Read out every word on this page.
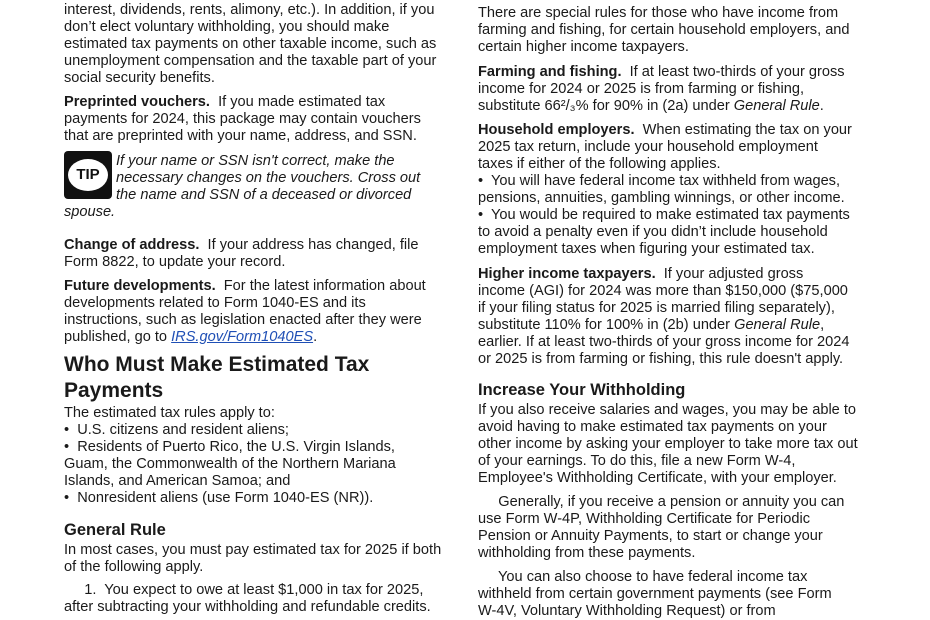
interest, dividends, rents, alimony, etc.). In addition, if you
don’t elect voluntary withholding, you should make
estimated tax payments on other taxable income, such as
unemployment compensation and the taxable part of your
social security benefits.
Preprinted vouchers.  If you made estimated tax
payments for 2024, this package may contain vouchers
that are preprinted with your name, address, and SSN.
TIP
If your name or SSN isn't correct, make the
necessary changes on the vouchers. Cross out
the name and SSN of a deceased or divorced
spouse.
Change of address.  If your address has changed, file
Form 8822, to update your record.
Future developments.  For the latest information about
developments related to Form 1040-ES and its
instructions, such as legislation enacted after they were
published, go to IRS.gov/Form1040ES.
Who Must Make Estimated Tax
Payments
The estimated tax rules apply to:
•  U.S. citizens and resident aliens;
•  Residents of Puerto Rico, the U.S. Virgin Islands,
Guam, the Commonwealth of the Northern Mariana
Islands, and American Samoa; and
•  Nonresident aliens (use Form 1040-ES (NR)).
General Rule
In most cases, you must pay estimated tax for 2025 if both
of the following apply.
1.  You expect to owe at least $1,000 in tax for 2025,
after subtracting your withholding and refundable credits.
There are special rules for those who have income from
farming and fishing, for certain household employers, and
certain higher income taxpayers.
Farming and fishing.  If at least two-thirds of your gross
income for 2024 or 2025 is from farming or fishing,
substitute 66²/₃% for 90% in (2a) under General Rule.
Household employers.  When estimating the tax on your
2025 tax return, include your household employment
taxes if either of the following applies.
•  You will have federal income tax withheld from wages,
pensions, annuities, gambling winnings, or other income.
•  You would be required to make estimated tax payments
to avoid a penalty even if you didn’t include household
employment taxes when figuring your estimated tax.
Higher income taxpayers.  If your adjusted gross
income (AGI) for 2024 was more than $150,000 ($75,000
if your filing status for 2025 is married filing separately),
substitute 110% for 100% in (2b) under General Rule,
earlier. If at least two-thirds of your gross income for 2024
or 2025 is from farming or fishing, this rule doesn't apply.
Increase Your Withholding
If you also receive salaries and wages, you may be able to
avoid having to make estimated tax payments on your
other income by asking your employer to take more tax out
of your earnings. To do this, file a new Form W-4,
Employee's Withholding Certificate, with your employer.
Generally, if you receive a pension or annuity you can
use Form W-4P, Withholding Certificate for Periodic
Pension or Annuity Payments, to start or change your
withholding from these payments.
You can also choose to have federal income tax
withheld from certain government payments (see Form
W-4V, Voluntary Withholding Request) or from
